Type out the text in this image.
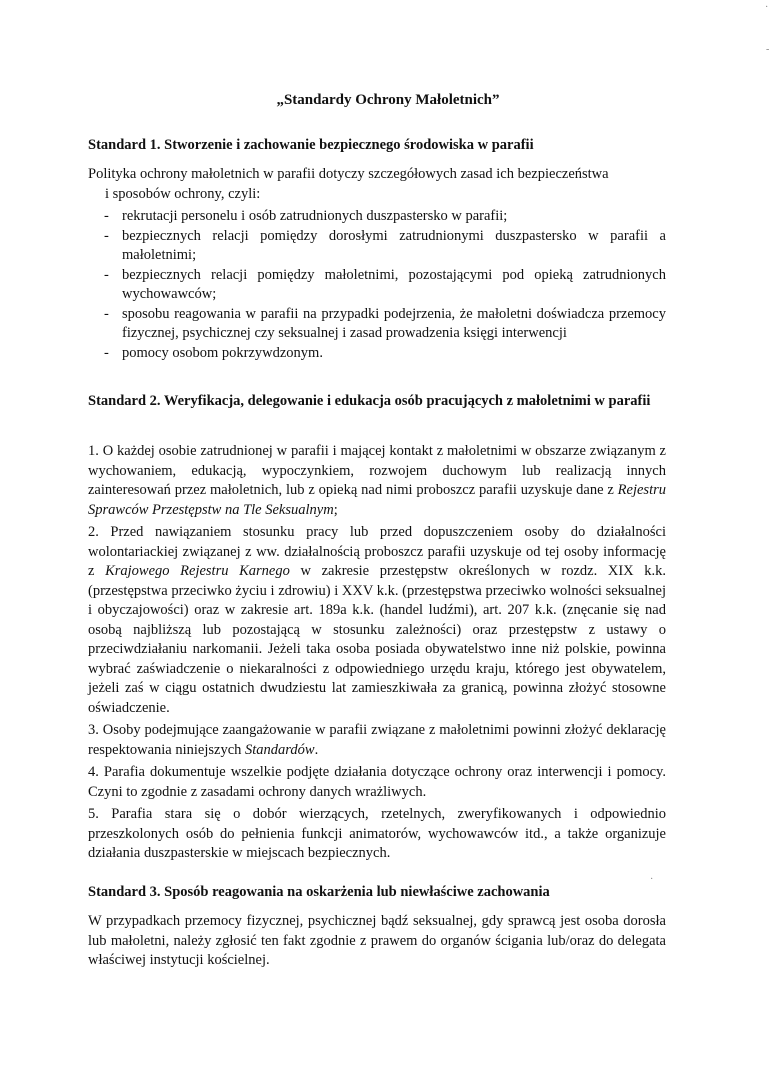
·
-
·
„Standardy Ochrony Małoletnich”
Standard 1. Stworzenie i zachowanie bezpiecznego środowiska w parafii
Polityka ochrony małoletnich w parafii dotyczy szczegółowych zasad ich bezpieczeństwa
i sposobów ochrony, czyli:
- rekrutacji personelu i osób zatrudnionych duszpastersko w parafii;
- bezpiecznych relacji pomiędzy dorosłymi zatrudnionymi duszpastersko w parafii a małoletnimi;
- bezpiecznych relacji pomiędzy małoletnimi, pozostającymi pod opieką zatrudnionych wychowawców;
- sposobu reagowania w parafii na przypadki podejrzenia, że małoletni doświadcza przemocy fizycznej, psychicznej czy seksualnej i zasad prowadzenia księgi interwencji
- pomocy osobom pokrzywdzonym.
Standard 2. Weryfikacja, delegowanie i edukacja osób pracujących z małoletnimi w parafii
1. O każdej osobie zatrudnionej w parafii i mającej kontakt z małoletnimi w obszarze związanym z wychowaniem, edukacją, wypoczynkiem, rozwojem duchowym lub realizacją innych zainteresowań przez małoletnich, lub z opieką nad nimi proboszcz parafii uzyskuje dane z Rejestru Sprawców Przestępstw na Tle Seksualnym;
2. Przed nawiązaniem stosunku pracy lub przed dopuszczeniem osoby do działalności wolontariackiej związanej z ww. działalnością proboszcz parafii uzyskuje od tej osoby informację z Krajowego Rejestru Karnego w zakresie przestępstw określonych w rozdz. XIX k.k. (przestępstwa przeciwko życiu i zdrowiu) i XXV k.k. (przestępstwa przeciwko wolności seksualnej i obyczajowości) oraz w zakresie art. 189a k.k. (handel ludźmi), art. 207 k.k. (znęcanie się nad osobą najbliższą lub pozostającą w stosunku zależności) oraz przestępstw z ustawy o przeciwdziałaniu narkomanii. Jeżeli taka osoba posiada obywatelstwo inne niż polskie, powinna wybrać zaświadczenie o niekaralności z odpowiedniego urzędu kraju, którego jest obywatelem, jeżeli zaś w ciągu ostatnich dwudziestu lat zamieszkiwała za granicą, powinna złożyć stosowne oświadczenie.
3. Osoby podejmujące zaangażowanie w parafii związane z małoletnimi powinni złożyć deklarację respektowania niniejszych Standardów.
4. Parafia dokumentuje wszelkie podjęte działania dotyczące ochrony oraz interwencji i pomocy. Czyni to zgodnie z zasadami ochrony danych wrażliwych.
5. Parafia stara się o dobór wierzących, rzetelnych, zweryfikowanych i odpowiednio przeszkolonych osób do pełnienia funkcji animatorów, wychowawców itd., a także organizuje działania duszpasterskie w miejscach bezpiecznych.
Standard 3. Sposób reagowania na oskarżenia lub niewłaściwe zachowania
W przypadkach przemocy fizycznej, psychicznej bądź seksualnej, gdy sprawcą jest osoba dorosła lub małoletni, należy zgłosić ten fakt zgodnie z prawem do organów ścigania lub/oraz do delegata właściwej instytucji kościelnej.
